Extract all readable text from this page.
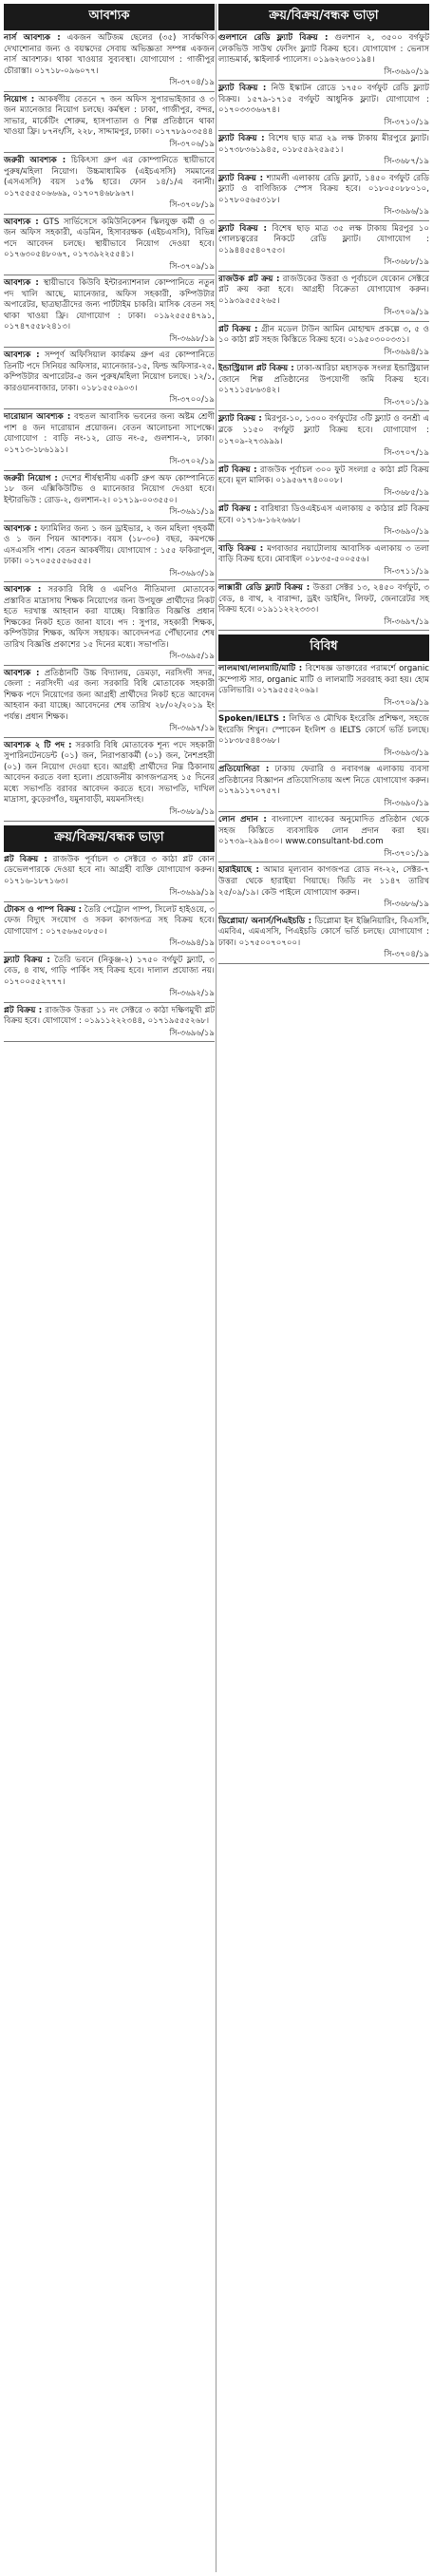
আবশ্যক

নার্স আবশ্যক : একজন অটিজম ছেলের (৩৫) সার্বক্ষণিক দেখাশোনার জন্য ও বয়স্কদের সেবায় অভিজ্ঞতা সম্পন্ন একজন নার্স আবশ্যক। থাকা খাওয়ার সুব্যবস্থা। যোগাযোগ : গাজীপুর চৌরাস্তা। ০১৭১৮-০৯৬০৭৭।
সি-৩৭০৪/১৯

নিয়োগ : আকর্ষণীয় বেতনে ৭ জন অফিস সুপারভাইজার ও ৩ জন ম্যানেজার নিয়োগ চলছে। কর্মস্থল : ঢাকা, গাজীপুর, বন্দর, সাভার, মার্কেটিং শোরুম, হাসপাতাল ও শিল্প প্রতিষ্ঠানে থাকা খাওয়া ফ্রি। ৮৭নং/সি, ২২৮, সাদ্দামপুর, ঢাকা। ০১৭৭৮৯০৩৫৪৪
সি-৩৭০৬/১৯

জরুরী আবশ্যক : চিকিৎসা গ্রুপ এর কোম্পানিতে স্থায়ীভাবে পুরুষ/মহিলা নিয়োগ। উচ্চমাধ্যমিক (এইচএসসি) সমমানের (এসএসসি) বয়স ১৫% হারে। ফোন ১৪/১/এ বনানী। ০১৭৫৫৫৫০৬৬৬৯, ০১৭০৭৪৬৮৯৬৭।
সি-৩৭০৮/১৯

আবশ্যক : GTS সার্ভিসেসে কমিউনিকেশন স্কিলযুক্ত কর্মী ও ৩ জন অফিস সহকারী, এডমিন, হিসাবরক্ষক (এইচএসসি), বিভিন্ন পদে আবেদন চলছে। স্থায়ীভাবে নিয়োগ দেওয়া হবে। ০১৭৬৩০৫৪৮০৬৭, ০১৭৩৯২২৫৫৪১।
সি-৩৭০৯/১৯

আবশ্যক : স্থায়ীভাবে কিউবি ইন্টারন্যাশনাল কোম্পানিতে নতুন পদ খালি আছে, ম্যানেজার, অফিস সহকারী, কম্পিউটার অপারেটর, ছাত্রছাত্রীদের জন্য পার্টটাইম চাকরি। মাসিক বেতন সহ থাকা খাওয়া ফ্রি। যোগাযোগ : ঢাকা। ০১৯২৫৫৫৪৭৯১, ০১৭৪৭৫৫৮২৪১৩।
সি-৩৬৯৮/১৯

আবশ্যক : সম্পূর্ণ অফিসিয়াল কার্যক্রম গ্রুপ এর কোম্পানিতে তিনটি পদে সিনিয়র অফিসার, ম্যানেজার-১৫, ফিল্ড অফিসার-২৫, কম্পিউটার অপারেটর-৫ জন পুরুষ/মহিলা নিয়োগ চলছে। ১২/১, কারওয়ানবাজার, ঢাকা। ০১৮১৫৫০৯০৩।
সি-৩৭০০/১৯

দারোয়ান আবশ্যক : বহুতল আবাসিক ভবনের জন্য অষ্টম শ্রেণী পাশ ৪ জন দারোয়ান প্রয়োজন। বেতন আলোচনা সাপেক্ষে। যোগাযোগ : বাড়ি নং-১২, রোড নং-৫, গুলশান-২, ঢাকা। ০১৭১৩-১৮৬১৯১।
সি-৩৭০২/১৯

জরুরী নিয়োগ : দেশের শীর্ষস্থানীয় একটি গ্রুপ অফ কোম্পানিতে ১৮ জন এক্সিকিউটিভ ও ম্যানেজার নিয়োগ দেওয়া হবে। ইন্টারভিউ : রোড-২, গুলশান-২। ০১৭১৯-০০৩৫৫০।
সি-৩৬৯১/১৯

আবশ্যক : ফ্যামিলির জন্য ১ জন ড্রাইভার, ২ জন মহিলা গৃহকর্মী ও ১ জন পিয়ন আবশ্যক। বয়স (১৮-৩০) বছর, কমপক্ষে এসএসসি পাশ। বেতন আকর্ষণীয়। যোগাযোগ : ১৫৫ ফকিরাপুল, ঢাকা। ০১৭০৫৫৫৫৬৫৫৫।
সি-৩৬৯৩/১৯

আবশ্যক : সরকারি বিধি ও এমপিও নীতিমালা মোতাবেক প্রস্তাবিত মাদ্রাসায় শিক্ষক নিয়োগের জন্য উপযুক্ত প্রার্থীদের নিকট হতে দরখাস্ত আহবান করা যাচ্ছে। বিস্তারিত বিজ্ঞপ্তি প্রধান শিক্ষকের নিকট হতে জানা যাবে। পদ : সুপার, সহকারী শিক্ষক, কম্পিউটার শিক্ষক, অফিস সহায়ক। আবেদনপত্র পৌঁছানোর শেষ তারিখ বিজ্ঞপ্তি প্রকাশের ১৫ দিনের মধ্যে। সভাপতি।
সি-৩৬৯৫/১৯

আবশ্যক : প্রতিষ্ঠানটি উচ্চ বিদ্যালয়, ডেমড়া, নরসিংদী সদর, জেলা : নরসিংদী এর জন্য সরকারি বিধি মোতাবেক সহকারী শিক্ষক পদে নিয়োগের জন্য আগ্রহী প্রার্থীদের নিকট হতে আবেদন আহবান করা যাচ্ছে। আবেদনের শেষ তারিখ ২৮/০২/২০১৯ ইং পর্যন্ত। প্রধান শিক্ষক।
সি-৩৬৯৭/১৯

আবশ্যক ২ টি পদ : সরকারি বিধি মোতাবেক শূন্য পদে সহকারী সুপারিনটেনডেন্ট (০১) জন, নিরাপত্তাকর্মী (০১) জন, নৈশপ্রহরী (০১) জন নিয়োগ দেওয়া হবে। আগ্রহী প্রার্থীদের নিম্ন ঠিকানায় আবেদন করতে বলা হলো। প্রয়োজনীয় কাগজপত্রসহ ১৫ দিনের মধ্যে সভাপতি বরাবর আবেদন করতে হবে। সভাপতি, দাখিল মাদ্রাসা, কুড়েরগাঁও, যমুনাবাড়ী, ময়মনসিংহ।
সি-৩৬৮৯/১৯

ক্রয়/বিক্রয়/বন্ধক ভাড়া

প্লট বিক্রয় : রাজউক পূর্বাচল ৩ সেক্টরে ৩ কাঠা প্লট কোন ডেভেলপারকে দেওয়া হবে না। আগ্রহী ব্যক্তি যোগাযোগ করুন। ০১৭১৬-১৮৭১৬৩।
সি-৩৬৯৯/১৯

টোকস ও পাম্প বিক্রয় : তৈরি পেট্রোল পাম্প, সিলেট হাইওয়ে, ৩ ফেজ বিদ্যুৎ সংযোগ ও সকল কাগজপত্র সহ বিক্রয় হবে। যোগাযোগ : ০১৭৫৬৬৫০৮৫০।
সি-৩৬৯৪/১৯

ফ্ল্যাট বিক্রয় : তৈরি ভবনে (নিকুঞ্জ-২) ১৭৫০ বর্গফুট ফ্ল্যাট, ৩ বেড, ৪ বাথ, গাড়ি পার্কিং সহ বিক্রয় হবে। দালাল প্রযোজ্য নয়। ০১৭০০৫৫২৭৭৭।
সি-৩৬৯২/১৯

প্লট বিক্রয় : রাজউক উত্তরা ১১ নং সেক্টরে ৩ কাঠা দক্ষিণমুখী প্লট বিক্রয় হবে। যোগাযোগ : ০১৯১১২২২৩৪৪, ০১৭১৯৫৫৫২৬৮।
সি-৩৬৯৬/১৯

ক্রয়/বিক্রয়/বন্ধক ভাড়া

গুলশানে রেডি ফ্ল্যাট বিক্রয় : গুলশান ২, ৩৫০০ বর্গফুট লেকভিউ সাউথ ফেসিং ফ্ল্যাট বিক্রয় হবে। যোগাযোগ : ভেনাস ল্যান্ডমার্ক, স্কাইলার্ক প্যালেস। ০১৯৬২৬৩০১৯৪।
সি-৩৬৯০/১৯

ফ্ল্যাট বিক্রয় : নিউ ইস্কাটন রোডে ১৭৫০ বর্গফুট রেডি ফ্ল্যাট বিক্রয়। ১৫৭৯-১৭১৫ বর্গফুট আধুনিক ফ্ল্যাট। যোগাযোগ : ০১৭০৩৩৩৬৬৭৪।
সি-৩৭১০/১৯

ফ্ল্যাট বিক্রয় : বিশেষ ছাড় মাত্র ২৯ লক্ষ টাকায় মীরপুরে ফ্ল্যাট। ০১৭৩৮৩৬১৯৪৫, ০১৮৫৫৯২৫৯৫১।
সি-৩৬৮৭/১৯

ফ্ল্যাট বিক্রয় : শ্যামলী এলাকায় রেডি ফ্ল্যাট, ১৪৫০ বর্গফুট রেডি ফ্ল্যাট ও বাণিজ্যিক স্পেস বিক্রয় হবে। ০১৮০৫০৮৮০১০, ০১৭৮০৫৬৫৩১৮।
সি-৩৬৯৬/১৯

ফ্ল্যাট বিক্রয় : বিশেষ ছাড় মাত্র ৩৫ লক্ষ টাকায় মিরপুর ১০ গোলচত্বরের নিকটে রেডি ফ্ল্যাট। যোগাযোগ : ০১৯৪৪৫৫৪০৭৫৩।
সি-৩৬৮৮/১৯

রাজউক প্লট ক্রয় : রাজউকের উত্তরা ও পূর্বাচলে যেকোন সেক্টরে প্লট ক্রয় করা হবে। আগ্রহী বিক্রেতা যোগাযোগ করুন। ০১৯৩৯৫৫৫২৬৫।
সি-৩৭০৯/১৯

প্লট বিক্রয় : গ্রীন মডেল টাউন আমিন মোহাম্মদ প্রকল্পে ৩, ৫ ও ১০ কাঠা প্লট সহজ কিস্তিতে বিক্রয় হবে। ০১৯৫০৩০০৩৩১।
সি-৩৬৯৪/১৯

ইন্ডাস্ট্রিয়াল প্লট বিক্রয় : ঢাকা-আরিচা মহাসড়ক সংলগ্ন ইন্ডাস্ট্রিয়াল জোনে শিল্প প্রতিষ্ঠানের উপযোগী জমি বিক্রয় হবে। ০১৭১১৫৮৬৩৪২।
সি-৩৭০১/১৯

ফ্ল্যাট বিক্রয় : মিরপুর-১০, ১৩০০ বর্গফুটের ৩টি ফ্ল্যাট ও বনশ্রী এ ব্লকে ১১৫০ বর্গফুট ফ্ল্যাট বিক্রয় হবে। যোগাযোগ : ০১৭০৯-২৭৩৯৯৯।
সি-৩৭০৭/১৯

প্লট বিক্রয় : রাজউক পূর্বাচল ৩০০ ফুট সংলগ্ন ৫ কাঠা প্লট বিক্রয় হবে। মূল মালিক। ০১৯৫৬৭৭৪০০০৮।
সি-৩৬৮৫/১৯

প্লট বিক্রয় : বারিধারা ডিওএইচএস এলাকায় ৫ কাঠার প্লট বিক্রয় হবে। ০১৭১৬-১৬২৬৬৮।
সি-৩৬৯০/১৯

বাড়ি বিক্রয় : মগবাজার নয়াটোলায় আবাসিক এলাকায় ৩ তলা বাড়ি বিক্রয় হবে। মোবাইল ০১৮৩৫-৫০০৫৫৬।
সি-৩৭১১/১৯

লাক্সারী রেডি ফ্ল্যাট বিক্রয় : উত্তরা সেক্টর ১৩, ২৪৫০ বর্গফুট, ৩ বেড, ৪ বাথ, ২ বারান্দা, ড্রইং ডাইনিং, লিফট, জেনারেটর সহ বিক্রয় হবে। ০১৯১১২২২৩৩৩।
সি-৩৬৯৭/১৯

বিবিধ

লালমাথা/লালমাটি/মাটি : বিশেষজ্ঞ ডাক্তারের পরামর্শে organic কম্পোস্ট সার, organic মাটি ও লালমাটি সরবরাহ করা হয়। হোম ডেলিভারি। ০১৭৯৫৫৫২০৬৯।
সি-৩৭০৯/১৯

Spoken/IELTS : লিখিত ও মৌখিক ইংরেজি প্রশিক্ষণ, সহজে ইংরেজি শিখুন। স্পোকেন ইংলিশ ও IELTS কোর্সে ভর্তি চলছে। ০১৮৩৮৫৪৪৩৬৮।
সি-৩৬৯৩/১৯

প্রতিযোগিতা : ঢাকায় ফেরারি ও নবাবগঞ্জ এলাকায় ব্যবসা প্রতিষ্ঠানের বিজ্ঞাপন প্রতিযোগিতায় অংশ নিতে যোগাযোগ করুন। ০১৭৯১১৭০৭৫৭।
সি-৩৬৯০/১৯

লোন প্রদান : বাংলাদেশ ব্যাংকের অনুমোদিত প্রতিষ্ঠান থেকে সহজ কিস্তিতে ব্যবসায়িক লোন প্রদান করা হয়। ০১৭৩৯-২৯৯৪৩০। www.consultant-bd.com
সি-৩৭০১/১৯

হারাইয়াছে : আমার মূল্যবান কাগজপত্র রোড নং-২২, সেক্টর-৭ উত্তরা থেকে হারাইয়া গিয়াছে। জিডি নং ১১৪৭ তারিখ ২৫/০৯/১৯। কেউ পাইলে যোগাযোগ করুন।
সি-৩৬৮৬/১৯

ডিপ্লোমা/ অনার্স/পিএইচডি : ডিপ্লোমা ইন ইঞ্জিনিয়ারিং, বিএসসি, এমবিএ, এমএসসি, পিএইচডি কোর্সে ভর্তি চলছে। যোগাযোগ : ঢাকা। ০১৭৫০০৭০৭০০।
সি-৩৭০৪/১৯
